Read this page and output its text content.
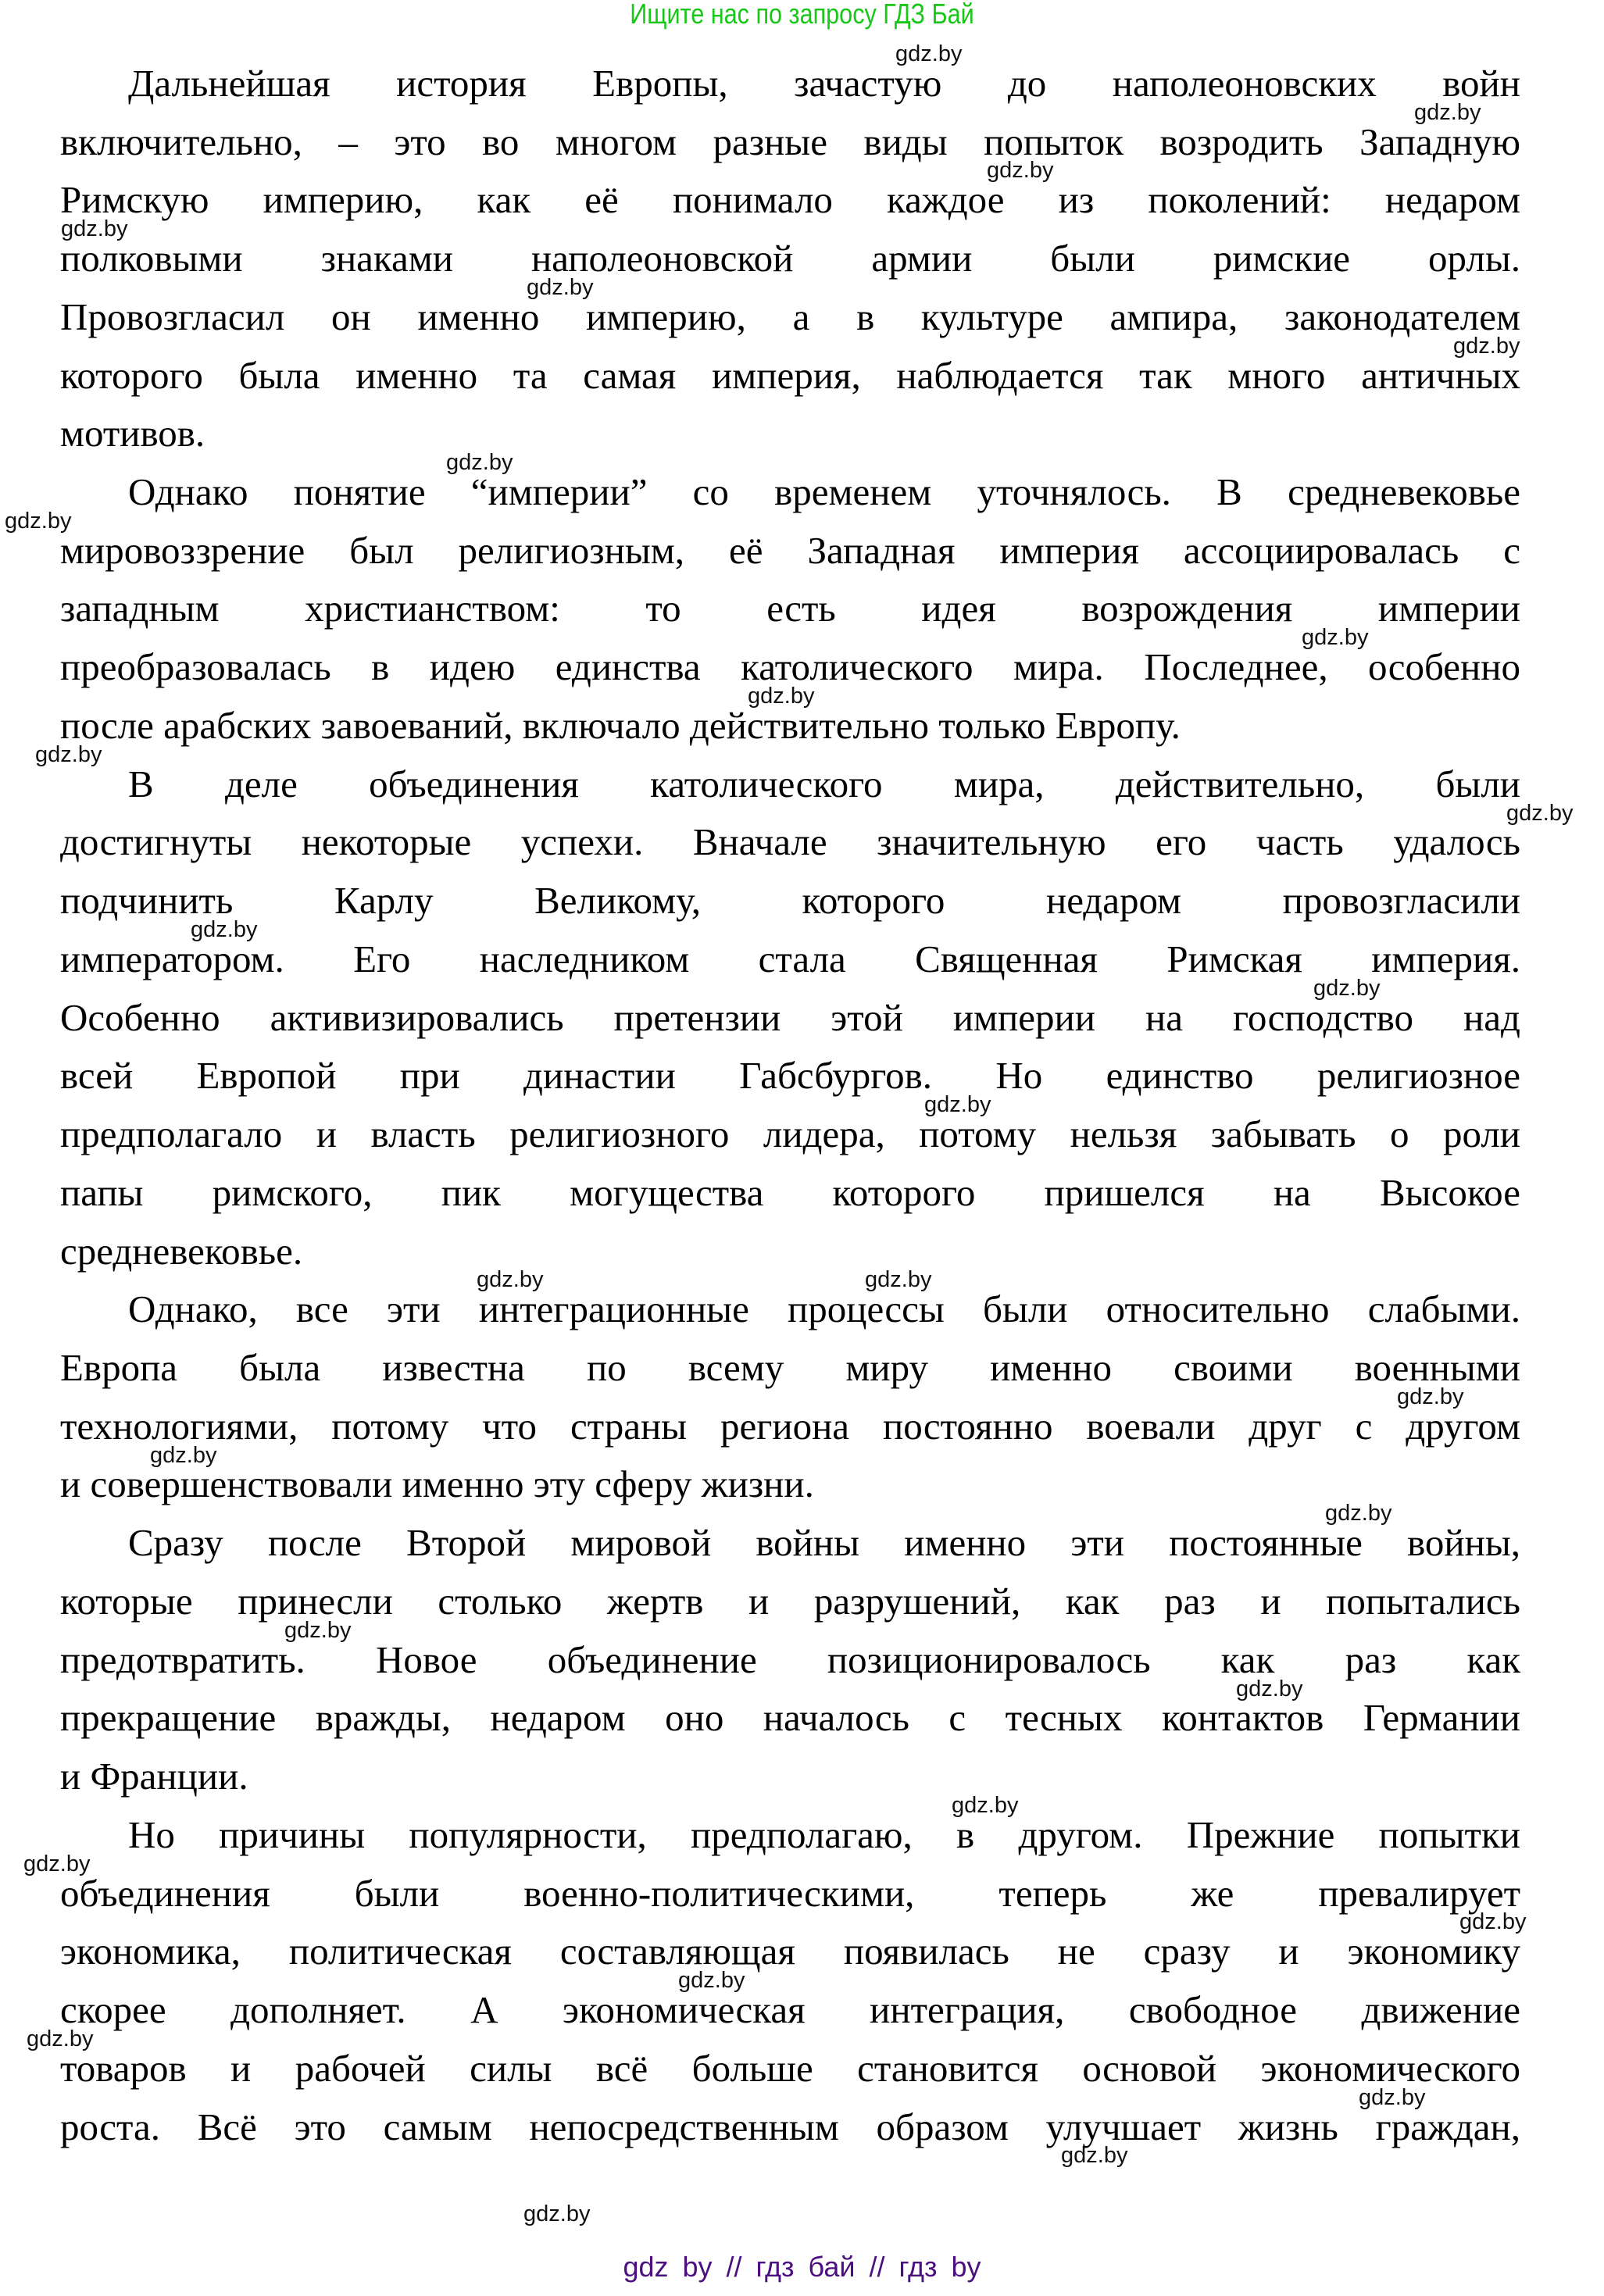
Ищите нас по запросу ГДЗ Бай
Дальнейшая история Европы, зачастую до наполеоновских войн
включительно, – это во многом разные виды попыток возродить Западную
Римскую империю, как её понимало каждое из поколений: недаром
полковыми знаками наполеоновской армии были римские орлы.
Провозгласил он именно империю, а в культуре ампира, законодателем
которого была именно та самая империя, наблюдается так много античных
мотивов.
Однако понятие “империи” со временем уточнялось. В средневековье
мировоззрение был религиозным, её Западная империя ассоциировалась с
западным христианством: то есть идея возрождения империи
преобразовалась в идею единства католического мира. Последнее, особенно
после арабских завоеваний, включало действительно только Европу.
В деле объединения католического мира, действительно, были
достигнуты некоторые успехи. Вначале значительную его часть удалось
подчинить Карлу Великому, которого недаром провозгласили
императором. Его наследником стала Священная Римская империя.
Особенно активизировались претензии этой империи на господство над
всей Европой при династии Габсбургов. Но единство религиозное
предполагало и власть религиозного лидера, потому нельзя забывать о роли
папы римского, пик могущества которого пришелся на Высокое
средневековье.
Однако, все эти интеграционные процессы были относительно слабыми.
Европа была известна по всему миру именно своими военными
технологиями, потому что страны региона постоянно воевали друг с другом
и совершенствовали именно эту сферу жизни.
Сразу после Второй мировой войны именно эти постоянные войны,
которые принесли столько жертв и разрушений, как раз и попытались
предотвратить. Новое объединение позиционировалось как раз как
прекращение вражды, недаром оно началось с тесных контактов Германии
и Франции.
Но причины популярности, предполагаю, в другом. Прежние попытки
объединения были военно-политическими, теперь же превалирует
экономика, политическая составляющая появилась не сразу и экономику
скорее дополняет. А экономическая интеграция, свободное движение
товаров и рабочей силы всё больше становится основой экономического
роста. Всё это самым непосредственным образом улучшает жизнь граждан,
gdz.by
gdz.by
gdz.by
gdz.by
gdz.by
gdz.by
gdz.by
gdz.by
gdz.by
gdz.by
gdz.by
gdz.by
gdz.by
gdz.by
gdz.by
gdz.by	gdz.by
gdz.by
gdz.by
gdz.by
gdz.by
gdz.by
gdz.by
gdz.by
gdz.by
gdz.by
gdz.by
gdz.by
gdz.by
gdz.by
gdz by // гдз бай // гдз by
